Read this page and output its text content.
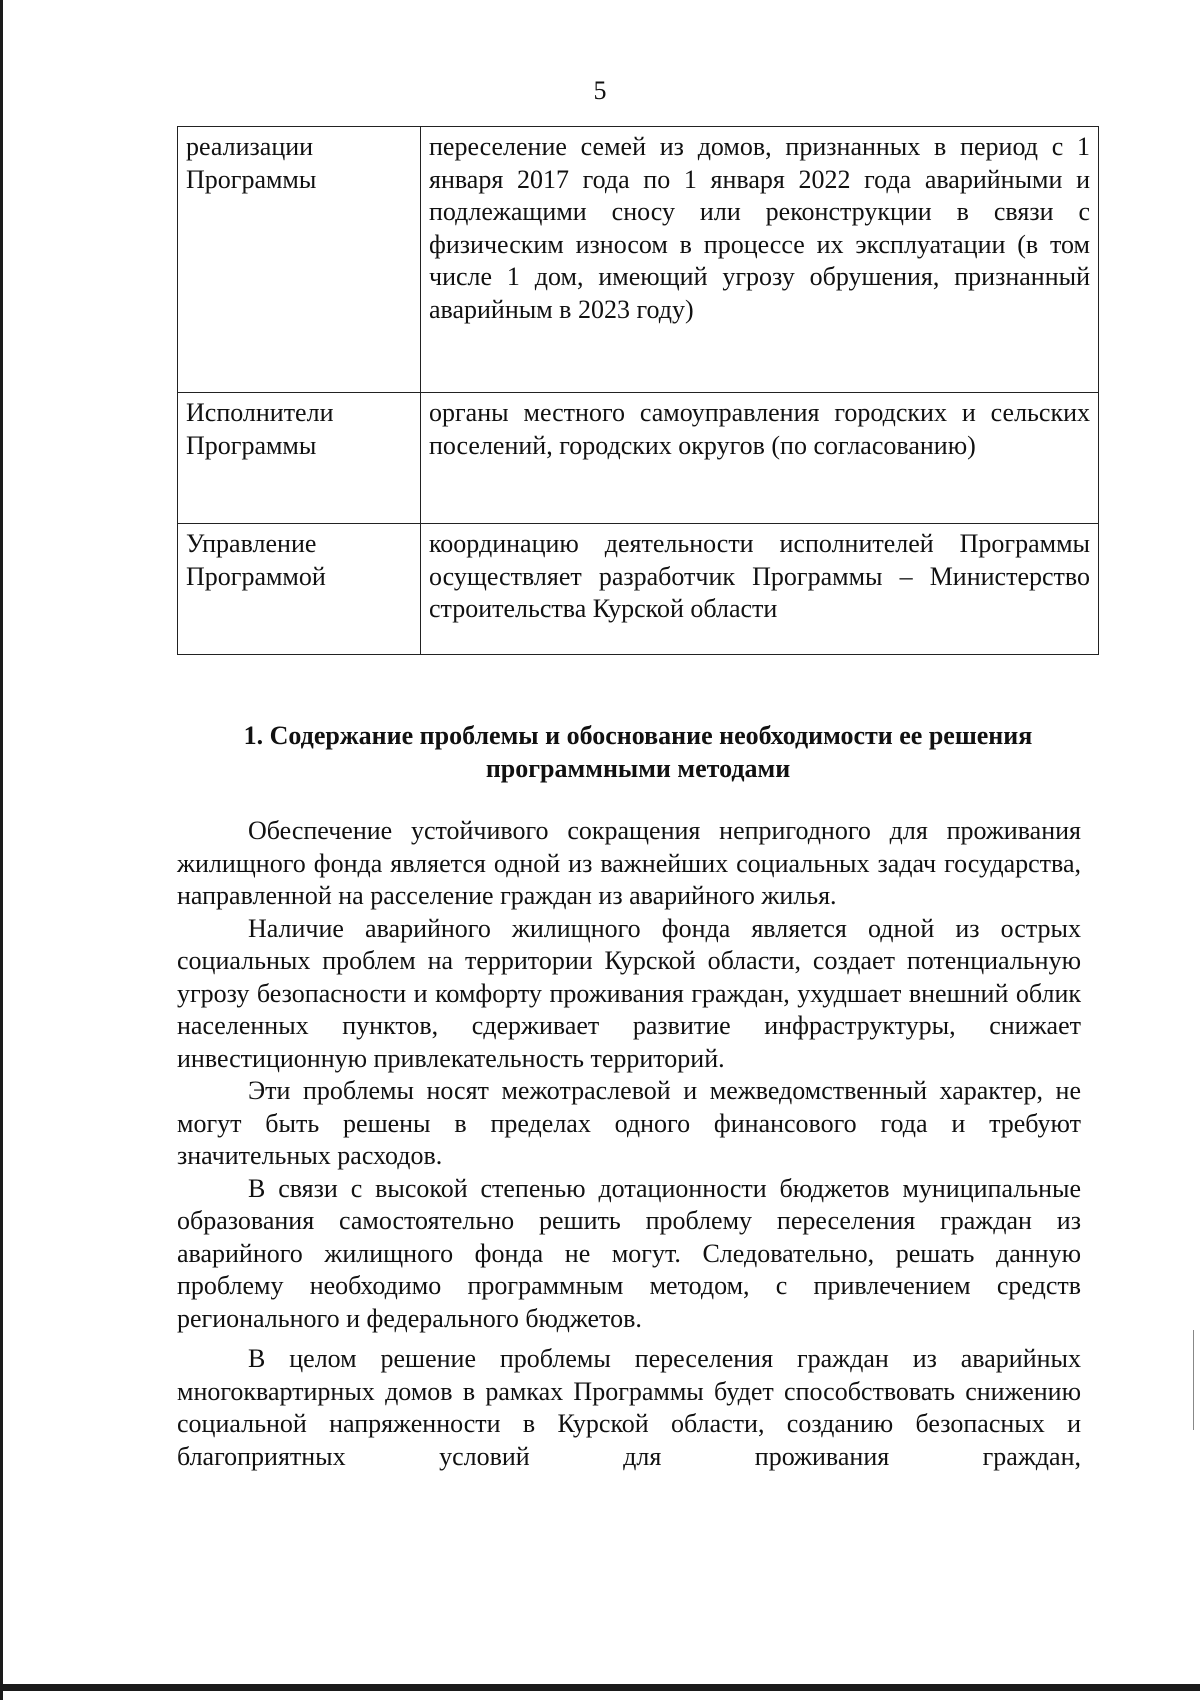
5
реализации Программы	переселение семей из домов, признанных в период с 1 января 2017 года по 1 января 2022 года аварийными и подлежащими сносу или реконструкции в связи с физическим износом в процессе их эксплуатации (в том числе 1 дом, имеющий угрозу обрушения, признанный аварийным в 2023 году)

Исполнители Программы	органы местного самоуправления городских и сельских поселений, городских округов (по согласованию)

Управление Программой	координацию деятельности исполнителей Программы осуществляет разработчик Программы – Министерство строительства Курской области
1. Содержание проблемы и обоснование необходимости ее решения программными методами

Обеспечение устойчивого сокращения непригодного для проживания жилищного фонда является одной из важнейших социальных задач государства, направленной на расселение граждан из аварийного жилья.

Наличие аварийного жилищного фонда является одной из острых социальных проблем на территории Курской области, создает потенциальную угрозу безопасности и комфорту проживания граждан, ухудшает внешний облик населенных пунктов, сдерживает развитие инфраструктуры, снижает инвестиционную привлекательность территорий.

Эти проблемы носят межотраслевой и межведомственный характер, не могут быть решены в пределах одного финансового года и требуют значительных расходов.

В связи с высокой степенью дотационности бюджетов муниципальные образования самостоятельно решить проблему переселения граждан из аварийного жилищного фонда не могут. Следовательно, решать данную проблему необходимо программным методом, с привлечением средств регионального и федерального бюджетов.

В целом решение проблемы переселения граждан из аварийных многоквартирных домов в рамках Программы будет способствовать снижению социальной напряженности в Курской области, созданию безопасных и благоприятных условий для проживания граждан,
